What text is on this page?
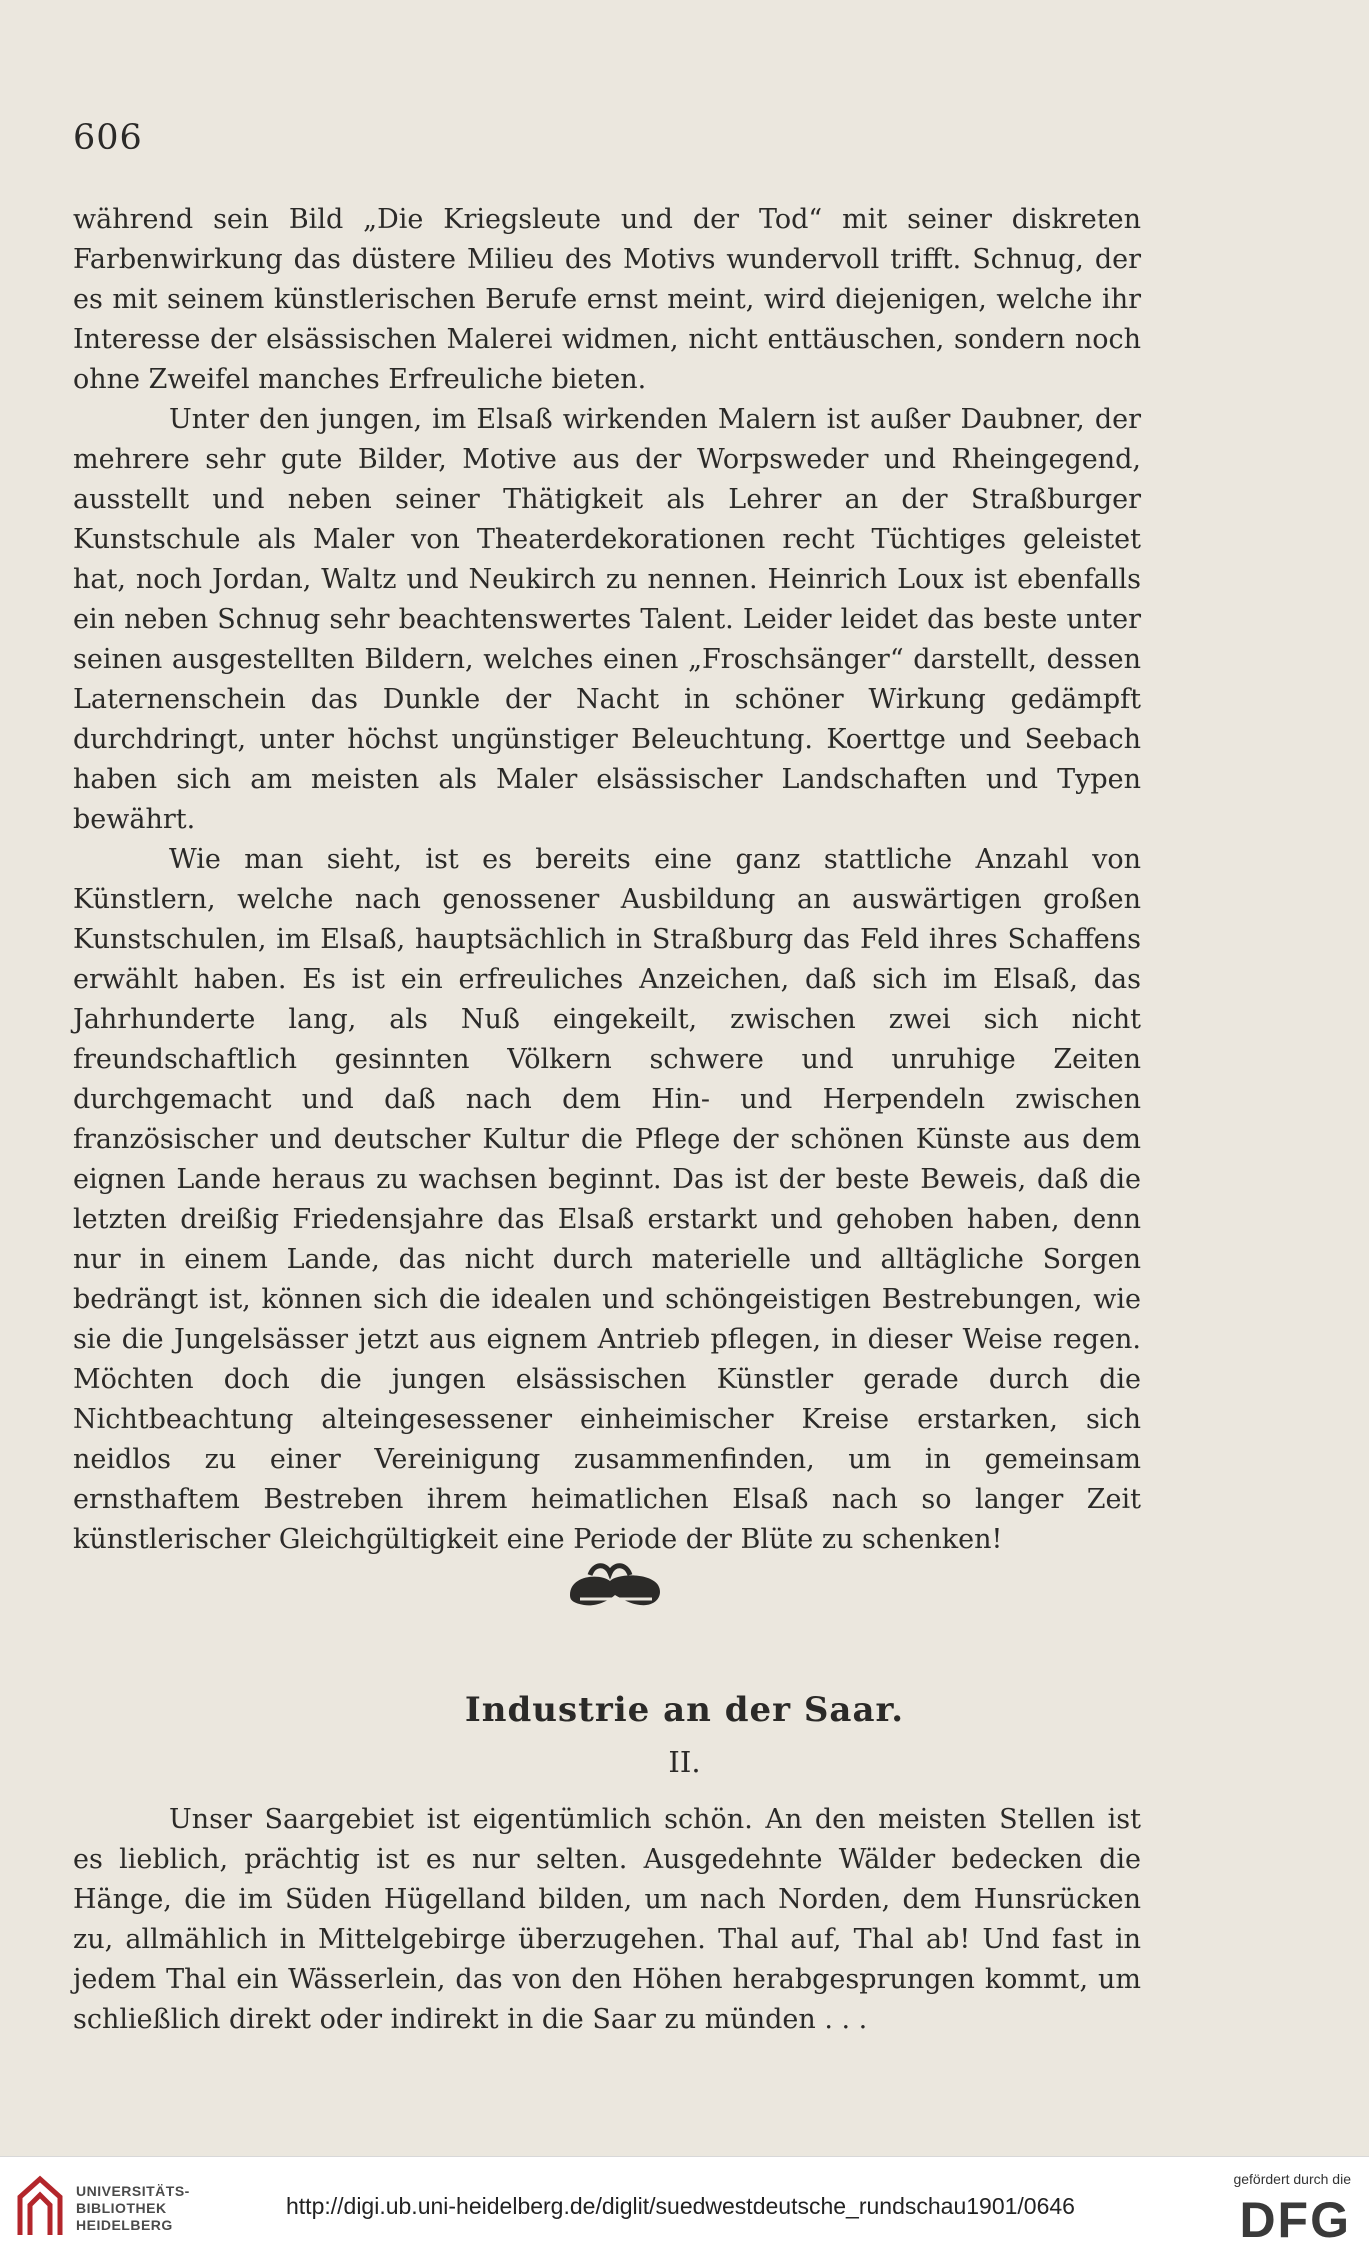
606

während sein Bild „Die Kriegsleute und der Tod“ mit seiner diskreten Farbenwirkung das düstere Milieu des Motivs wundervoll trifft. Schnug, der es mit seinem künstlerischen Berufe ernst meint, wird diejenigen, welche ihr Interesse der elsässischen Malerei widmen, nicht enttäuschen, sondern noch ohne Zweifel manches Erfreuliche bieten.

Unter den jungen, im Elsaß wirkenden Malern ist außer Daubner, der mehrere sehr gute Bilder, Motive aus der Worpsweder und Rheingegend, ausstellt und neben seiner Thätigkeit als Lehrer an der Straßburger Kunstschule als Maler von Theaterdekorationen recht Tüchtiges geleistet hat, noch Jordan, Waltz und Neukirch zu nennen. Heinrich Loux ist ebenfalls ein neben Schnug sehr beachtenswertes Talent. Leider leidet das beste unter seinen ausgestellten Bildern, welches einen „Froschsänger“ darstellt, dessen Laternenschein das Dunkle der Nacht in schöner Wirkung gedämpft durchdringt, unter höchst ungünstiger Beleuchtung. Koerttge und Seebach haben sich am meisten als Maler elsässischer Landschaften und Typen bewährt.

Wie man sieht, ist es bereits eine ganz stattliche Anzahl von Künstlern, welche nach genossener Ausbildung an auswärtigen großen Kunstschulen, im Elsaß, hauptsächlich in Straßburg das Feld ihres Schaffens erwählt haben. Es ist ein erfreuliches Anzeichen, daß sich im Elsaß, das Jahrhunderte lang, als Nuß eingekeilt, zwischen zwei sich nicht freundschaftlich gesinnten Völkern schwere und unruhige Zeiten durchgemacht und daß nach dem Hin- und Herpendeln zwischen französischer und deutscher Kultur die Pflege der schönen Künste aus dem eignen Lande heraus zu wachsen beginnt. Das ist der beste Beweis, daß die letzten dreißig Friedensjahre das Elsaß erstarkt und gehoben haben, denn nur in einem Lande, das nicht durch materielle und alltägliche Sorgen bedrängt ist, können sich die idealen und schöngeistigen Bestrebungen, wie sie die Jungelsässer jetzt aus eignem Antrieb pflegen, in dieser Weise regen. Möchten doch die jungen elsässischen Künstler gerade durch die Nichtbeachtung alteingesessener einheimischer Kreise erstarken, sich neidlos zu einer Vereinigung zusammenfinden, um in gemeinsam ernsthaftem Bestreben ihrem heimatlichen Elsaß nach so langer Zeit künstlerischer Gleichgültigkeit eine Periode der Blüte zu schenken!

Industrie an der Saar.
II.

Unser Saargebiet ist eigentümlich schön. An den meisten Stellen ist es lieblich, prächtig ist es nur selten. Ausgedehnte Wälder bedecken die Hänge, die im Süden Hügelland bilden, um nach Norden, dem Hunsrücken zu, allmählich in Mittelgebirge überzugehen. Thal auf, Thal ab! Und fast in jedem Thal ein Wässerlein, das von den Höhen herabgesprungen kommt, um schließlich direkt oder indirekt in die Saar zu münden . . .

UNIVERSITÄTS-
BIBLIOTHEK
HEIDELBERG
http://digi.ub.uni-heidelberg.de/diglit/suedwestdeutsche_rundschau1901/0646
gefördert durch die
DFG
